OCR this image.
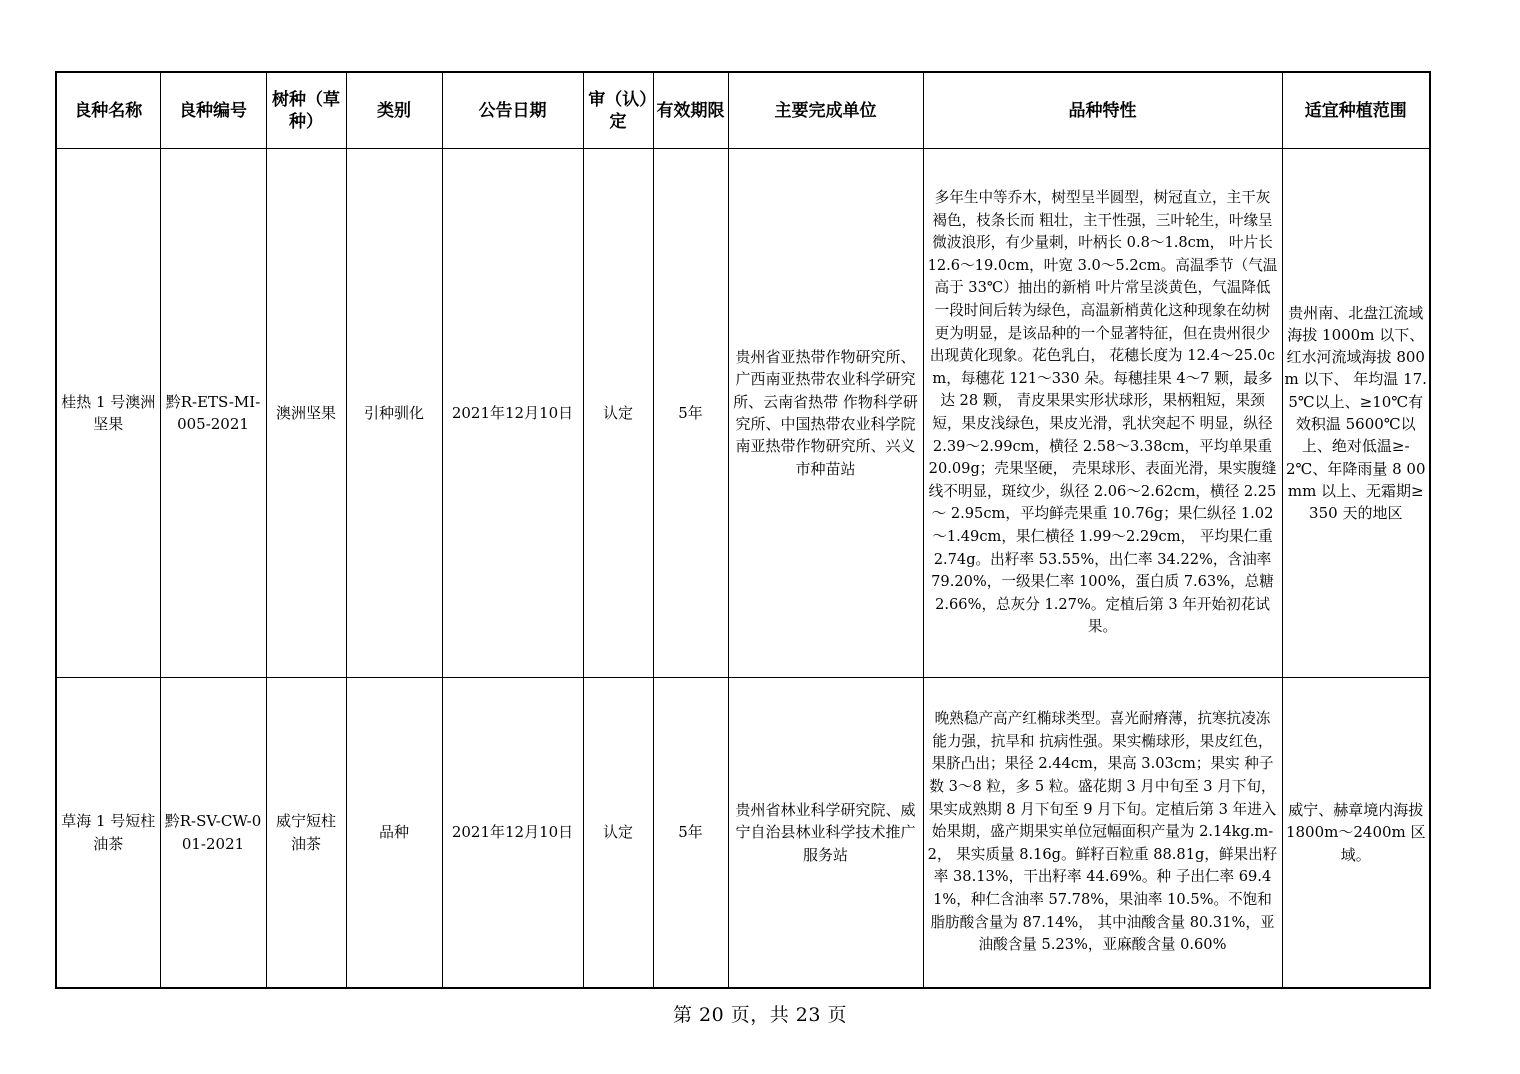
良种名称	良种编号	树种（草种）	类别	公告日期	审（认）定	有效期限	主要完成单位	品种特性	适宜种植范围
桂热 1 号澳洲坚果	黔R-ETS-MI-005-2021	澳洲坚果	引种驯化	2021年12月10日	认定	5年	贵州省亚热带作物研究所、广西南亚热带农业科学研究所、云南省热带 作物科学研究所、中国热带农业科学院南亚热带作物研究所、兴义市种苗站	多年生中等乔木，树型呈半圆型，树冠直立，主干灰褐色，枝条长而 粗壮，主干性强，三叶轮生，叶缘呈微波浪形，有少量刺，叶柄长 0.8～1.8cm， 叶片长 12.6～19.0cm，叶宽 3.0～5.2cm。高温季节（气温高于 33℃）抽出的新梢 叶片常呈淡黄色，气温降低一段时间后转为绿色，高温新梢黄化这种现象在幼树 更为明显，是该品种的一个显著特征，但在贵州很少出现黄化现象。花色乳白， 花穗长度为 12.4～25.0cm，每穗花 121～330 朵。每穗挂果 4～7 颗，最多达 28 颗， 青皮果果实形状球形，果柄粗短，果颈短，果皮浅绿色，果皮光滑，乳状突起不 明显，纵径 2.39～2.99cm，横径 2.58～3.38cm，平均单果重 20.09g；壳果坚硬， 壳果球形、表面光滑，果实腹缝线不明显，斑纹少，纵径 2.06～2.62cm，横径 2.25～ 2.95cm，平均鲜壳果重 10.76g；果仁纵径 1.02～1.49cm，果仁横径 1.99～2.29cm， 平均果仁重 2.74g。出籽率 53.55%，出仁率 34.22%，含油率 79.20%，一级果仁率 100%，蛋白质 7.63%，总糖 2.66%，总灰分 1.27%。定植后第 3 年开始初花试果。	贵州南、北盘江流域海拔 1000m 以下、红水河流域海拔 800m 以下、 年均温 17.5℃以上、≥10℃有效积温 5600℃以上、绝对低温≥-2℃、年降雨量 8 00mm 以上、无霜期≥350 天的地区
草海 1 号短柱油茶	黔R-SV-CW-001-2021	威宁短柱油茶	品种	2021年12月10日	认定	5年	贵州省林业科学研究院、威宁自治县林业科学技术推广服务站	晚熟稳产高产红椭球类型。喜光耐瘠薄，抗寒抗凌冻能力强，抗旱和 抗病性强。果实椭球形，果皮红色，果脐凸出；果径 2.44cm，果高 3.03cm；果实 种子数 3～8 粒，多 5 粒。盛花期 3 月中旬至 3 月下旬，果实成熟期 8 月下旬至 9 月下旬。定植后第 3 年进入始果期，盛产期果实单位冠幅面积产量为 2.14kg.m-2， 果实质量 8.16g。鲜籽百粒重 88.81g，鲜果出籽率 38.13%，干出籽率 44.69%。种 子出仁率 69.41%，种仁含油率 57.78%，果油率 10.5%。不饱和脂肪酸含量为 87.14%， 其中油酸含量 80.31%，亚油酸含量 5.23%，亚麻酸含量 0.60%	威宁、赫章境内海拔 1800m～2400m 区域。
第 20 页，共 23 页
